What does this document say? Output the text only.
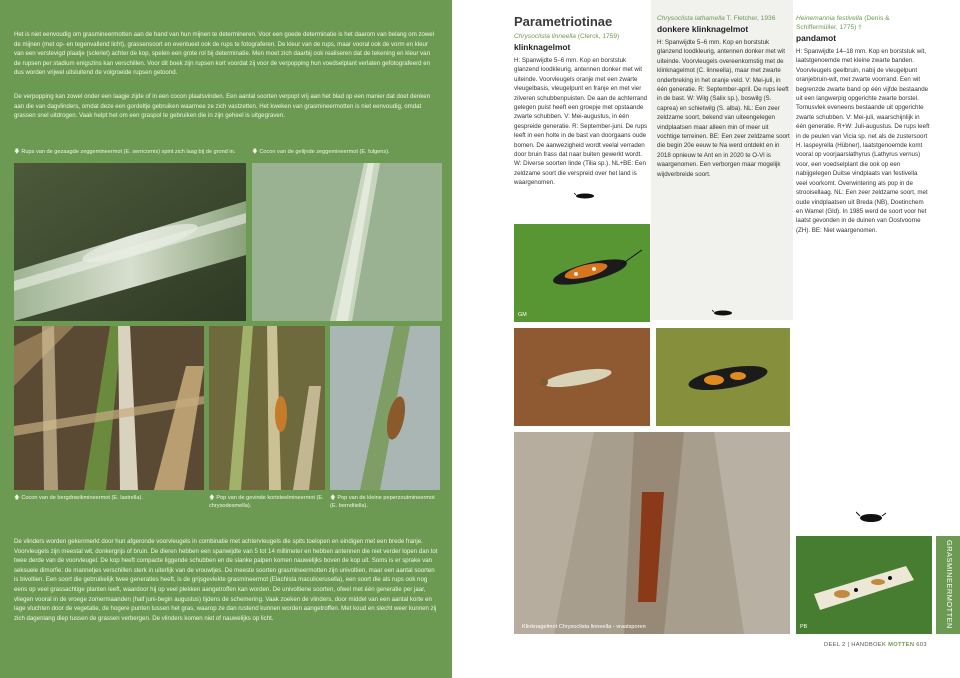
Het is niet eenvoudig om grasmineermotten aan de hand van hun mijnen te determineren. Voor een goede determinatie is het daarom van belang om zowel de mijnen (met op- en tegenvallend licht), grassensoort en eventueel ook de rups te fotograferen. De kleur van de rups, maar vooral ook de vorm en kleur van een verstevigd plaatje (scleriet) achter de kop, spelen een grote rol bij determinatie. Men moet zich daarbij ook realiseren dat de tekening en kleur van de rupsen per stadium enigszins kan verschillen. Voor dit boek zijn rupsen kort voordat zij voor de verpopping hun voedselplant verlaten gefotografeerd en dus worden vrijwel uitsluitend de volgroeide rupsen getoond.

De verpopping kan zowel onder een laagje zijde of in een cocon plaatsvinden. Een aantal soorten verpopt vrij aan het blad op een manier dat doet denken aan die van dagvlinders, omdat deze een gordeltje gebruiken waarmee ze zich vastzetten. Het kweken van grasmineermotten is niet eenvoudig, omdat grassen snel uitdrogen. Vaak helpt het om een graspol te gebruiken die in zijn geheel is uitgegraven.

🡇 Rups van de gezaagde zeggemineermot (E. serricornis) spint zich laag bij de grond in.	🡇 Cocon van de gelijnde zeggemineermot (E. fulgens).
🡅 Cocon van de bergdravikmineermot (E. lastrella).	🡅 Pop van de gevinde kortsteelmineermot (E. chrysodesmella).
🡅 Pop van de kleine peperzoutmineermot (E. berndtiella).

De vlinders worden gekenmerkt door hun afgeronde voorvleugels in combinatie met achtervleugels die spits toelopen en eindigen met een brede franje. Voorvleugels zijn meestal wit, donkergrijs of bruin. De dieren hebben een spanwijdte van 5 tot 14 millimeter en hebben antennen die niet verder lopen dan tot twee derde van de voorvleugel. De kop heeft compacte liggende schubben en de slanke palpen komen nauwelijks boven de kop uit. Soms is er sprake van seksuele dimorfie: de mannetjes verschillen sterk in uiterlijk van de vrouwtjes. De meeste soorten grasmineermotten zijn univoltien, maar een aantal soorten is bivoltien. Een soort die gebruikelijk twee generaties heeft, is de grijsgevlekte grasmineermot (Elachista maculicerusella), een soort die als rups ook nog eens op veel grassachtige planten leeft, waardoor hij op veel plekken aangetroffen kan worden. De univoltiene soorten, ofwel met één generatie per jaar, vliegen vooral in de vroege zomermaanden (half juni-begin augustus) tijdens de schemering. Vaak zoeken de vlinders, door middel van een aantal korte en lage vluchten door de vegetatie, de hogere punten tussen het gras, waarop ze dan rustend kunnen worden aangetroffen. Met koud en slecht weer kunnen zij zich dagenlang diep tussen de grassen verbergen. De vlinders komen niet of nauwelijks op licht.

Parametriotinae
Chrysoclista linneella (Clerck, 1759)
klinknagelmot

H: Spanwijdte 5–6 mm. Kop en borststuk glanzend loodkleurig, antennen donker met wit uiteinde. Voorvleugels oranje met een zwarte vleugelbasis, vleugelpunt en franje en met vier zilveren schubbenpuisten. De aan de achterrand gelegen puist heeft een groepje met opstaande zwarte schubben. V: Mei-augustus, in één gespreide generatie. R: September-juni. De rups leeft in een holte in de bast van doorgaans oude bomen. De aanwezigheid wordt veelal verraden door bruin frass dat naar buiten gewerkt wordt. W: Diverse soorten linde (Tilia sp.). NL+BE: Een zeldzame soort die verspreid over het land is waargenomen.

Chrysoclista lathamella T. Fletcher, 1936
donkere klinknagelmot

H: Spanwijdte 5–6 mm. Kop en borststuk glanzend loodkleurig, antennen donker met wit uiteinde. Voorvleugels overeenkomstig met de klinknagelmot (C. linneella), maar met zwarte onderbreking in het oranje veld. V: Mei-juli, in één generatie. R: September-april. De rups leeft in de bast. W: Wilg (Salix sp.), boswilg (S. caprea) en schietwilg (S. alba). NL: Een zeer zeldzame soort, bekend van uiteengelegen vindplaatsen maar alleen min of meer uit vochtige terreinen. BE: Een zeer zeldzame soort die begin 20e eeuw te Na werd ontdekt en in 2018 opnieuw te Ant en in 2020 te O-Vl is waargenomen. Een verborgen maar mogelijk wijdverbreide soort.

Heinemannia festivella (Denis & Schiffermüller, 1775) †
pandamot

H: Spanwijdte 14–18 mm. Kop en borststuk wit, laatstgenoemde met kleine zwarte banden. Voorvleugels geelbruin, nabij de vleugelpunt oranjebruin-wit, met zwarte voorrand. Een wit begrenzde zwarte band op één vijfde bestaande uit een langwerpig opgerichte zwarte borstel. Tornusvlek eveneens bestaande uit opgerichte zwarte schubben. V: Mei-juli, waarschijnlijk in één generatie. R+W: Juli-augustus. De rups leeft in de peulen van Vicia sp. net als de zustersoort H. laspeyrella (Hübner), laatstgenoemde komt vooral op voorjaarslathyrus (Lathyrus vernus) voor, een voedselplant die ook op een nabijgelegen Duitse vindplaats van festivella veel voorkomt. Overwintering als pop in de strooisellaag. NL: Een zeer zeldzame soort, met oude vindplaatsen uit Breda (NB), Doetinchem en Wamel (Gld). In 1985 werd de soort voor het laatst gevonden in de duinen van Oostvoorne (ZH). BE: Niet waargenomen.

GM
Klinknagelmot Chrysoclista linneella - vraatsporen	PB	GRASMINEERMOTTEN
DEEL 2 | HANDBOEK MOTTEN 603
